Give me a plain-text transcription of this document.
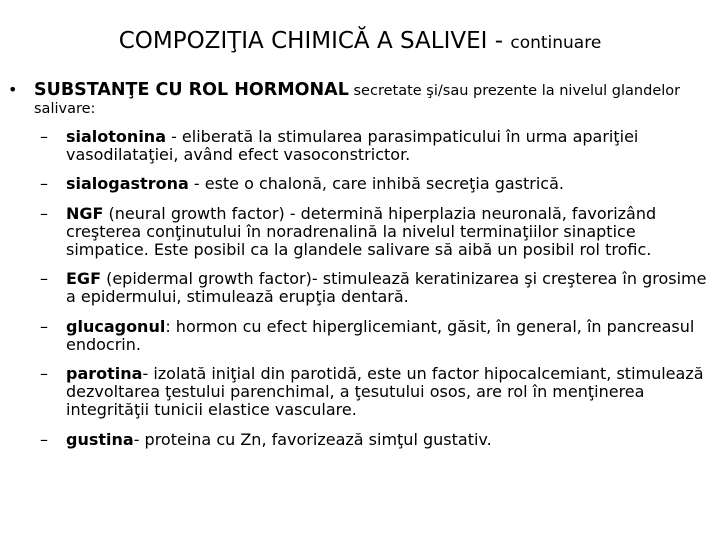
COMPOZIŢIA CHIMICĂ A SALIVEI - continuare
• SUBSTANŢE CU ROL HORMONAL secretate şi/sau prezente la nivelul glandelor salivare:
– sialotonina - eliberată la stimularea parasimpaticului în urma apariţiei vasodilataţiei, având efect vasoconstrictor.
– sialogastrona - este o chalonă, care inhibă secreţia gastrică.
– NGF (neural growth factor) - determină hiperplazia neuronală, favorizând creşterea conţinutului în noradrenalină la nivelul terminaţiilor sinaptice simpatice. Este posibil ca la glandele salivare să aibă un posibil rol trofic.
– EGF (epidermal growth factor)- stimulează keratinizarea şi creşterea în grosime a epidermului, stimulează erupţia dentară.
– glucagonul: hormon cu efect hiperglicemiant, găsit, în general, în pancreasul endocrin.
– parotina- izolată iniţial din parotidă, este un factor hipocalcemiant, stimulează dezvoltarea ţestului parenchimal, a ţesutului osos, are rol în menţinerea integrităţii tunicii elastice vasculare.
– gustina- proteina cu Zn, favorizează simţul gustativ.
